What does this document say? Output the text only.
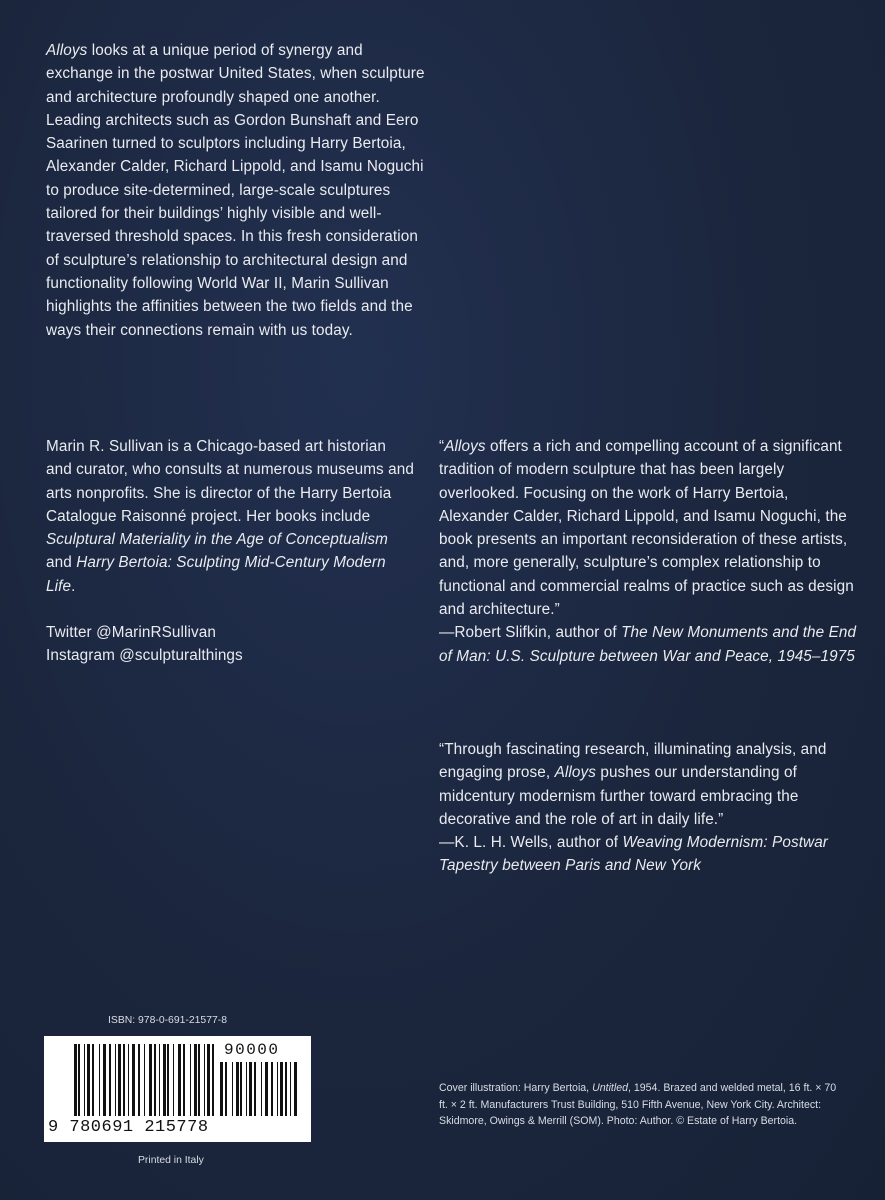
Alloys looks at a unique period of synergy and exchange in the postwar United States, when sculpture and architecture profoundly shaped one another. Leading architects such as Gordon Bunshaft and Eero Saarinen turned to sculptors including Harry Bertoia, Alexander Calder, Richard Lippold, and Isamu Noguchi to produce site-determined, large-scale sculptures tailored for their buildings’ highly visible and well-traversed threshold spaces. In this fresh consideration of sculpture’s relationship to architectural design and functionality following World War II, Marin Sullivan highlights the affinities between the two fields and the ways their connections remain with us today.

Marin R. Sullivan is a Chicago-based art historian and curator, who consults at numerous museums and arts nonprofits. She is director of the Harry Bertoia Catalogue Raisonné project. Her books include Sculptural Materiality in the Age of Conceptualism and Harry Bertoia: Sculpting Mid-Century Modern Life.

Twitter @MarinRSullivan

Instagram @sculpturalthings

“Alloys offers a rich and compelling account of a significant tradition of modern sculpture that has been largely overlooked. Focusing on the work of Harry Bertoia, Alexander Calder, Richard Lippold, and Isamu Noguchi, the book presents an important reconsideration of these artists, and, more generally, sculpture’s complex relationship to functional and commercial realms of practice such as design and architecture.”

—Robert Slifkin, author of The New Monuments and the End of Man: U.S. Sculpture between War and Peace, 1945–1975

“Through fascinating research, illuminating analysis, and engaging prose, Alloys pushes our understanding of midcentury modernism further toward embracing the decorative and the role of art in daily life.”

—K. L. H. Wells, author of Weaving Modernism: Postwar Tapestry between Paris and New York

ISBN: 978-0-691-21577-8
9 780691 215778
90000
Printed in Italy
Cover illustration: Harry Bertoia, Untitled, 1954. Brazed and welded metal, 16 ft. × 70 ft. × 2 ft. Manufacturers Trust Building, 510 Fifth Avenue, New York City. Architect: Skidmore, Owings & Merrill (SOM). Photo: Author. © Estate of Harry Bertoia.
